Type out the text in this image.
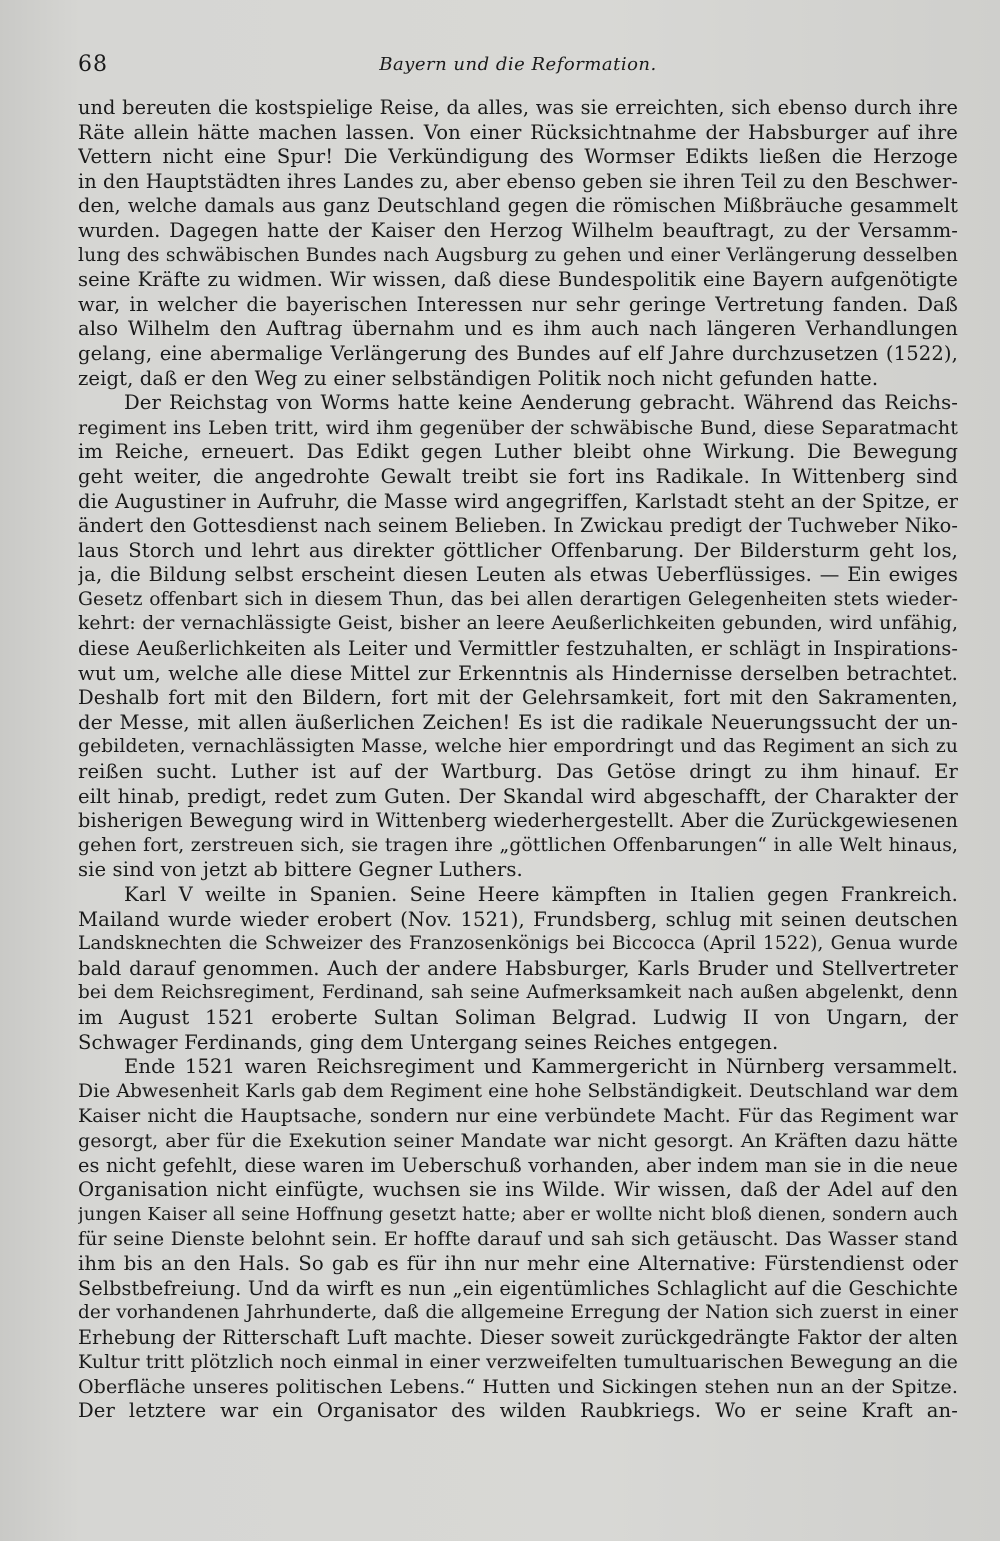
68	Bayern und die Reformation.
und bereuten die kostspielige Reise, da alles, was sie erreichten, sich ebenso durch ihre
Räte allein hätte machen lassen. Von einer Rücksichtnahme der Habsburger auf ihre
Vettern nicht eine Spur! Die Verkündigung des Wormser Edikts ließen die Herzoge
in den Hauptstädten ihres Landes zu, aber ebenso geben sie ihren Teil zu den Beschwer-
den, welche damals aus ganz Deutschland gegen die römischen Mißbräuche gesammelt
wurden. Dagegen hatte der Kaiser den Herzog Wilhelm beauftragt, zu der Versamm-
lung des schwäbischen Bundes nach Augsburg zu gehen und einer Verlängerung desselben
seine Kräfte zu widmen. Wir wissen, daß diese Bundespolitik eine Bayern aufgenötigte
war, in welcher die bayerischen Interessen nur sehr geringe Vertretung fanden. Daß
also Wilhelm den Auftrag übernahm und es ihm auch nach längeren Verhandlungen
gelang, eine abermalige Verlängerung des Bundes auf elf Jahre durchzusetzen (1522),
zeigt, daß er den Weg zu einer selbständigen Politik noch nicht gefunden hatte.
Der Reichstag von Worms hatte keine Aenderung gebracht. Während das Reichs-
regiment ins Leben tritt, wird ihm gegenüber der schwäbische Bund, diese Separatmacht
im Reiche, erneuert. Das Edikt gegen Luther bleibt ohne Wirkung. Die Bewegung
geht weiter, die angedrohte Gewalt treibt sie fort ins Radikale. In Wittenberg sind
die Augustiner in Aufruhr, die Masse wird angegriffen, Karlstadt steht an der Spitze, er
ändert den Gottesdienst nach seinem Belieben. In Zwickau predigt der Tuchweber Niko-
laus Storch und lehrt aus direkter göttlicher Offenbarung. Der Bildersturm geht los,
ja, die Bildung selbst erscheint diesen Leuten als etwas Ueberflüssiges. — Ein ewiges
Gesetz offenbart sich in diesem Thun, das bei allen derartigen Gelegenheiten stets wieder-
kehrt: der vernachlässigte Geist, bisher an leere Aeußerlichkeiten gebunden, wird unfähig,
diese Aeußerlichkeiten als Leiter und Vermittler festzuhalten, er schlägt in Inspirations-
wut um, welche alle diese Mittel zur Erkenntnis als Hindernisse derselben betrachtet.
Deshalb fort mit den Bildern, fort mit der Gelehrsamkeit, fort mit den Sakramenten,
der Messe, mit allen äußerlichen Zeichen! Es ist die radikale Neuerungssucht der un-
gebildeten, vernachlässigten Masse, welche hier empordringt und das Regiment an sich zu
reißen sucht. Luther ist auf der Wartburg. Das Getöse dringt zu ihm hinauf. Er
eilt hinab, predigt, redet zum Guten. Der Skandal wird abgeschafft, der Charakter der
bisherigen Bewegung wird in Wittenberg wiederhergestellt. Aber die Zurückgewiesenen
gehen fort, zerstreuen sich, sie tragen ihre „göttlichen Offenbarungen“ in alle Welt hinaus,
sie sind von jetzt ab bittere Gegner Luthers.
Karl V weilte in Spanien. Seine Heere kämpften in Italien gegen Frankreich.
Mailand wurde wieder erobert (Nov. 1521), Frundsberg, schlug mit seinen deutschen
Landsknechten die Schweizer des Franzosenkönigs bei Biccocca (April 1522), Genua wurde
bald darauf genommen. Auch der andere Habsburger, Karls Bruder und Stellvertreter
bei dem Reichsregiment, Ferdinand, sah seine Aufmerksamkeit nach außen abgelenkt, denn
im August 1521 eroberte Sultan Soliman Belgrad. Ludwig II von Ungarn, der
Schwager Ferdinands, ging dem Untergang seines Reiches entgegen.
Ende 1521 waren Reichsregiment und Kammergericht in Nürnberg versammelt.
Die Abwesenheit Karls gab dem Regiment eine hohe Selbständigkeit. Deutschland war dem
Kaiser nicht die Hauptsache, sondern nur eine verbündete Macht. Für das Regiment war
gesorgt, aber für die Exekution seiner Mandate war nicht gesorgt. An Kräften dazu hätte
es nicht gefehlt, diese waren im Ueberschuß vorhanden, aber indem man sie in die neue
Organisation nicht einfügte, wuchsen sie ins Wilde. Wir wissen, daß der Adel auf den
jungen Kaiser all seine Hoffnung gesetzt hatte; aber er wollte nicht bloß dienen, sondern auch
für seine Dienste belohnt sein. Er hoffte darauf und sah sich getäuscht. Das Wasser stand
ihm bis an den Hals. So gab es für ihn nur mehr eine Alternative: Fürstendienst oder
Selbstbefreiung. Und da wirft es nun „ein eigentümliches Schlaglicht auf die Geschichte
der vorhandenen Jahrhunderte, daß die allgemeine Erregung der Nation sich zuerst in einer
Erhebung der Ritterschaft Luft machte. Dieser soweit zurückgedrängte Faktor der alten
Kultur tritt plötzlich noch einmal in einer verzweifelten tumultuarischen Bewegung an die
Oberfläche unseres politischen Lebens.“ Hutten und Sickingen stehen nun an der Spitze.
Der letztere war ein Organisator des wilden Raubkriegs. Wo er seine Kraft an-
